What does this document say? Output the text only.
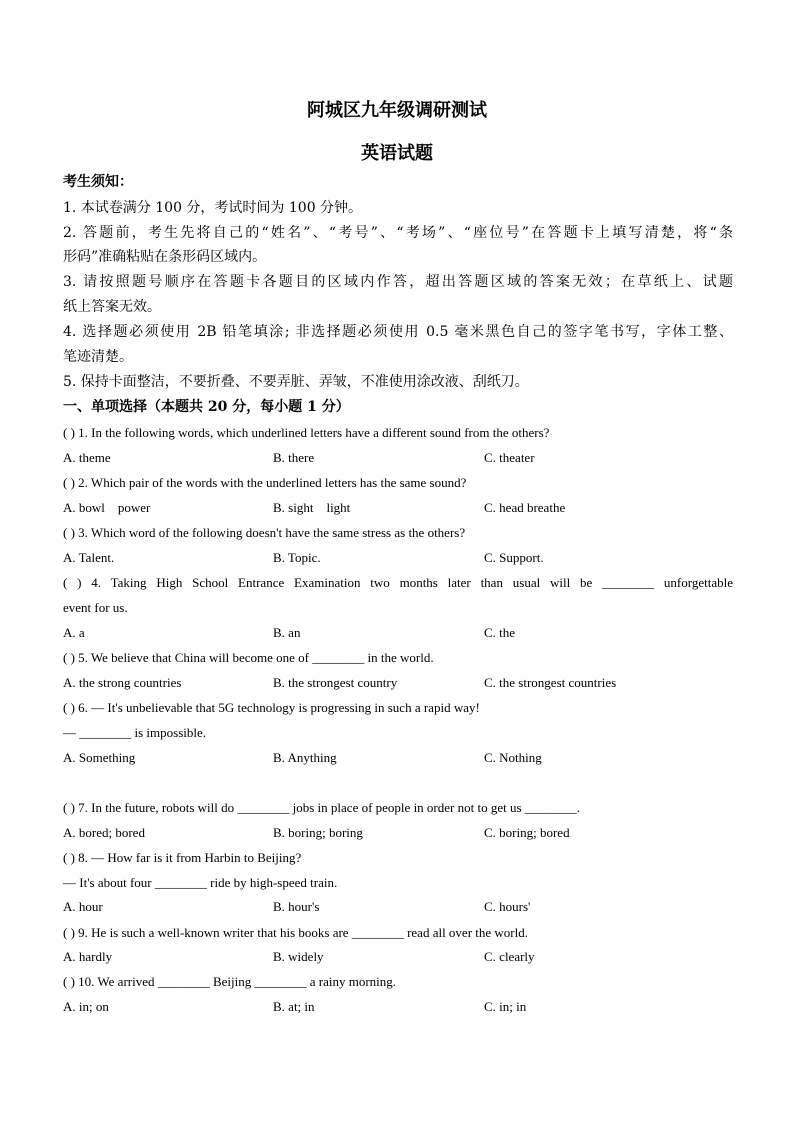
阿城区九年级调研测试
英语试题
考生须知：
1. 本试卷满分 100 分，考试时间为 100 分钟。
2. 答题前，考生先将自己的“姓名”、“考号”、“考场”、“座位号”在答题卡上填写清楚，将“条
形码”准确粘贴在条形码区域内。
3. 请按照题号顺序在答题卡各题目的区域内作答，超出答题区域的答案无效；在草纸上、试题
纸上答案无效。
4. 选择题必须使用 2B 铅笔填涂; 非选择题必须使用 0.5 毫米黑色自己的签字笔书写，字体工整、
笔迹清楚。
5. 保持卡面整洁，不要折叠、不要弄脏、弄皱，不准使用涂改液、刮纸刀。
一、单项选择（本题共 20 分，每小题 1 分）
( ) 1. In the following words, which underlined letters have a different sound from the others?
A. theme	B. there	C. theater
( ) 2. Which pair of the words with the underlined letters has the same sound?
A. bowl    power	B. sight    light	C. head breathe
( ) 3. Which word of the following doesn't have the same stress as the others?
A. Talent.	B. Topic.	C. Support.
( ) 4. Taking High School Entrance Examination two months later than usual will be ________ unforgettable
event for us.
A. a	B. an	C. the
( ) 5. We believe that China will become one of ________ in the world.
A. the strong countries	B. the strongest country	C. the strongest countries
( ) 6. — It's unbelievable that 5G technology is progressing in such a rapid way!
— ________ is impossible.
A. Something	B. Anything	C. Nothing
( ) 7. In the future, robots will do ________ jobs in place of people in order not to get us ________.
A. bored; bored	B. boring; boring	C. boring; bored
( ) 8. — How far is it from Harbin to Beijing?
— It's about four ________ ride by high-speed train.
A. hour	B. hour's	C. hours'
( ) 9. He is such a well-known writer that his books are ________ read all over the world.
A. hardly	B. widely	C. clearly
( ) 10. We arrived ________ Beijing ________ a rainy morning.
A. in; on	B. at; in	C. in; in
